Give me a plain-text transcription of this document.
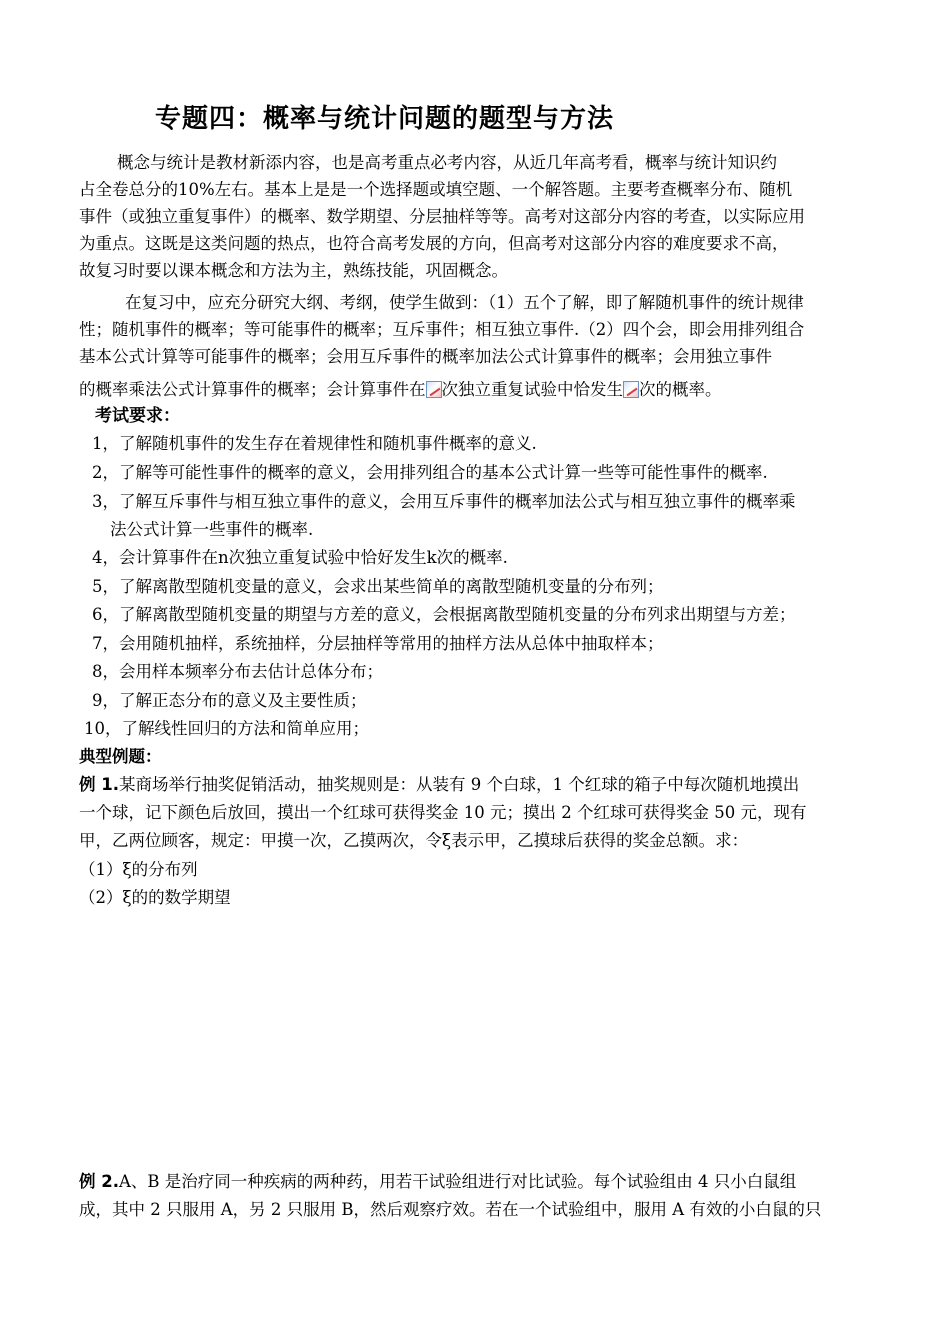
专题四：概率与统计问题的题型与方法
概念与统计是教材新添内容，也是高考重点必考内容，从近几年高考看，概率与统计知识约
占全卷总分的10%左右。基本上是是一个选择题或填空题、一个解答题。主要考查概率分布、随机
事件（或独立重复事件）的概率、数学期望、分层抽样等等。高考对这部分内容的考查，以实际应用
为重点。这既是这类问题的热点，也符合高考发展的方向，但高考对这部分内容的难度要求不高，
故复习时要以课本概念和方法为主，熟练技能，巩固概念。
在复习中，应充分研究大纲、考纲，使学生做到：（1）五个了解，即了解随机事件的统计规律
性；随机事件的概率；等可能事件的概率；互斥事件；相互独立事件.（2）四个会，即会用排列组合
基本公式计算等可能事件的概率；会用互斥事件的概率加法公式计算事件的概率；会用独立事件
的概率乘法公式计算事件的概率；会计算事件在 次独立重复试验中恰发生 次的概率。
考试要求：
1，了解随机事件的发生存在着规律性和随机事件概率的意义.
2，了解等可能性事件的概率的意义，会用排列组合的基本公式计算一些等可能性事件的概率.
3，了解互斥事件与相互独立事件的意义，会用互斥事件的概率加法公式与相互独立事件的概率乘
法公式计算一些事件的概率.
4，会计算事件在n次独立重复试验中恰好发生k次的概率.
5，了解离散型随机变量的意义，会求出某些简单的离散型随机变量的分布列；
6，了解离散型随机变量的期望与方差的意义，会根据离散型随机变量的分布列求出期望与方差；
7，会用随机抽样，系统抽样，分层抽样等常用的抽样方法从总体中抽取样本；
8，会用样本频率分布去估计总体分布；
9，了解正态分布的意义及主要性质；
10，了解线性回归的方法和简单应用；
典型例题：
例 1.某商场举行抽奖促销活动，抽奖规则是：从装有 9 个白球，1 个红球的箱子中每次随机地摸出
一个球，记下颜色后放回，摸出一个红球可获得奖金 10 元；摸出 2 个红球可获得奖金 50 元，现有
甲，乙两位顾客，规定：甲摸一次，乙摸两次，令ξ表示甲，乙摸球后获得的奖金总额。求：
（1）ξ的分布列
（2）ξ的的数学期望
例 2.A、B 是治疗同一种疾病的两种药，用若干试验组进行对比试验。每个试验组由 4 只小白鼠组
成，其中 2 只服用 A，另 2 只服用 B，然后观察疗效。若在一个试验组中，服用 A 有效的小白鼠的只
